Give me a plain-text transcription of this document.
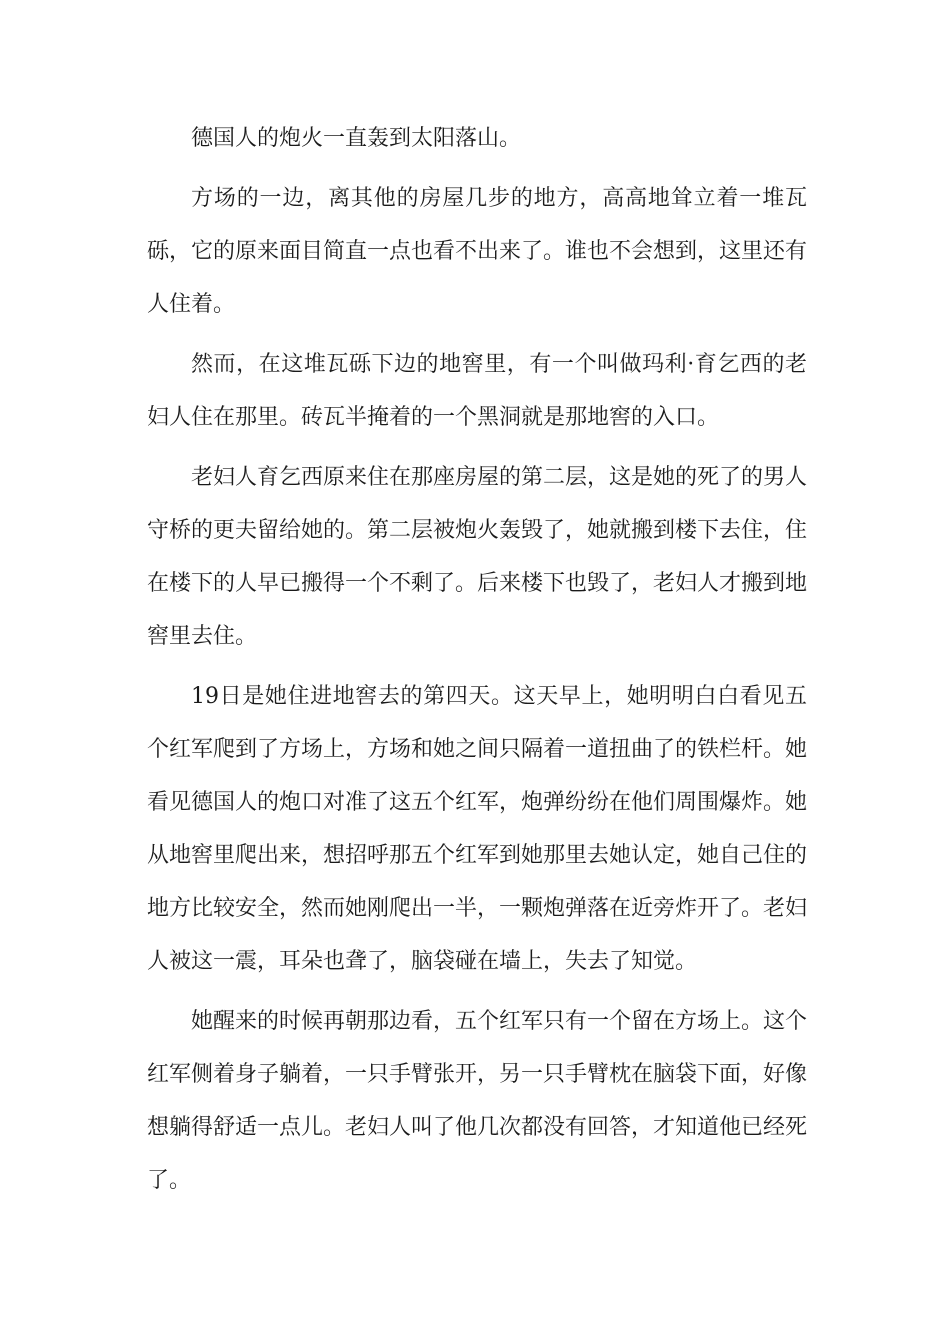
德国人的炮火一直轰到太阳落山。

方场的一边，离其他的房屋几步的地方，高高地耸立着一堆瓦砾，它的原来面目简直一点也看不出来了。谁也不会想到，这里还有人住着。

然而，在这堆瓦砾下边的地窖里，有一个叫做玛利·育乞西的老妇人住在那里。砖瓦半掩着的一个黑洞就是那地窖的入口。

老妇人育乞西原来住在那座房屋的第二层，这是她的死了的男人守桥的更夫留给她的。第二层被炮火轰毁了，她就搬到楼下去住，住在楼下的人早已搬得一个不剩了。后来楼下也毁了，老妇人才搬到地窖里去住。

19日是她住进地窖去的第四天。这天早上，她明明白白看见五个红军爬到了方场上，方场和她之间只隔着一道扭曲了的铁栏杆。她看见德国人的炮口对准了这五个红军，炮弹纷纷在他们周围爆炸。她从地窖里爬出来，想招呼那五个红军到她那里去她认定，她自己住的地方比较安全，然而她刚爬出一半，一颗炮弹落在近旁炸开了。老妇人被这一震，耳朵也聋了，脑袋碰在墙上，失去了知觉。

她醒来的时候再朝那边看，五个红军只有一个留在方场上。这个红军侧着身子躺着，一只手臂张开，另一只手臂枕在脑袋下面，好像想躺得舒适一点儿。老妇人叫了他几次都没有回答，才知道他已经死了。
